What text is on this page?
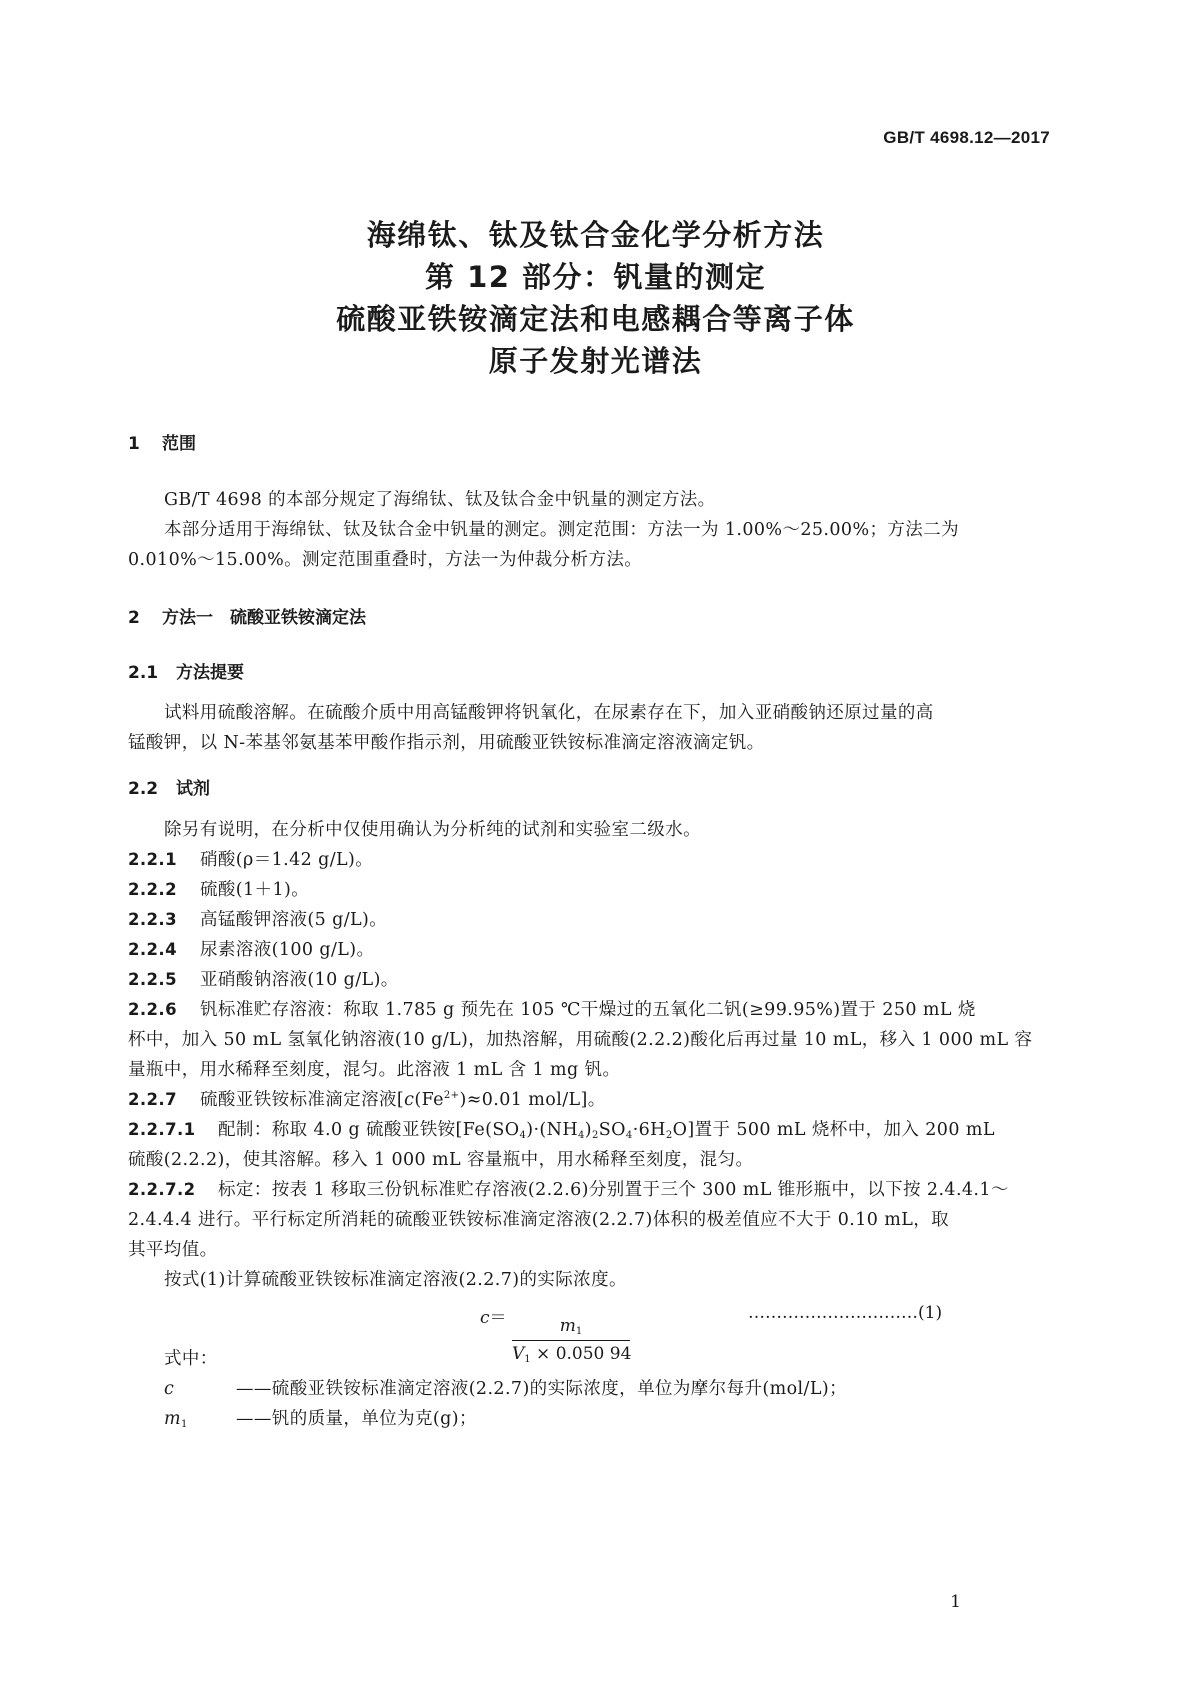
GB/T 4698.12—2017
海绵钛、钛及钛合金化学分析方法
第 12 部分：钒量的测定
硫酸亚铁铵滴定法和电感耦合等离子体
原子发射光谱法
1 范围
GB/T 4698 的本部分规定了海绵钛、钛及钛合金中钒量的测定方法。
本部分适用于海绵钛、钛及钛合金中钒量的测定。测定范围：方法一为 1.00%～25.00%；方法二为
0.010%～15.00%。测定范围重叠时，方法一为仲裁分析方法。
2 方法一　硫酸亚铁铵滴定法
2.1 方法提要
试料用硫酸溶解。在硫酸介质中用高锰酸钾将钒氧化，在尿素存在下，加入亚硝酸钠还原过量的高
锰酸钾，以 N-苯基邻氨基苯甲酸作指示剂，用硫酸亚铁铵标准滴定溶液滴定钒。
2.2 试剂
除另有说明，在分析中仅使用确认为分析纯的试剂和实验室二级水。
2.2.1 硝酸(ρ＝1.42 g/L)。
2.2.2 硫酸(1＋1)。
2.2.3 高锰酸钾溶液(5 g/L)。
2.2.4 尿素溶液(100 g/L)。
2.2.5 亚硝酸钠溶液(10 g/L)。
2.2.6 钒标准贮存溶液：称取 1.785 g 预先在 105 ℃干燥过的五氧化二钒(≥99.95%)置于 250 mL 烧
杯中，加入 50 mL 氢氧化钠溶液(10 g/L)，加热溶解，用硫酸(2.2.2)酸化后再过量 10 mL，移入 1 000 mL 容
量瓶中，用水稀释至刻度，混匀。此溶液 1 mL 含 1 mg 钒。
2.2.7 硫酸亚铁铵标准滴定溶液[$c(Fe^{2+})\approx 0.01$ mol/L]。
2.2.7.1 配制：称取 4.0 g 硫酸亚铁铵$[Fe(SO_4)\cdot(NH_4)_2SO_4\cdot 6H_2O]$置于 500 mL 烧杯中，加入 200 mL
硫酸(2.2.2)，使其溶解。移入 1 000 mL 容量瓶中，用水稀释至刻度，混匀。
2.2.7.2 标定：按表 1 移取三份钒标准贮存溶液(2.2.6)分别置于三个 300 mL 锥形瓶中，以下按 2.4.4.1～
2.4.4.4 进行。平行标定所消耗的硫酸亚铁铵标准滴定溶液(2.2.7)体积的极差值应不大于 0.10 mL，取
其平均值。
按式(1)计算硫酸亚铁铵标准滴定溶液(2.2.7)的实际浓度。
c＝	$m_1$
$V_1 \times 0.050$ 94
…………………………(1)
式中：
c	——硫酸亚铁铵标准滴定溶液(2.2.7)的实际浓度，单位为摩尔每升(mol/L)；
$m_1$	——钒的质量，单位为克(g)；
1
